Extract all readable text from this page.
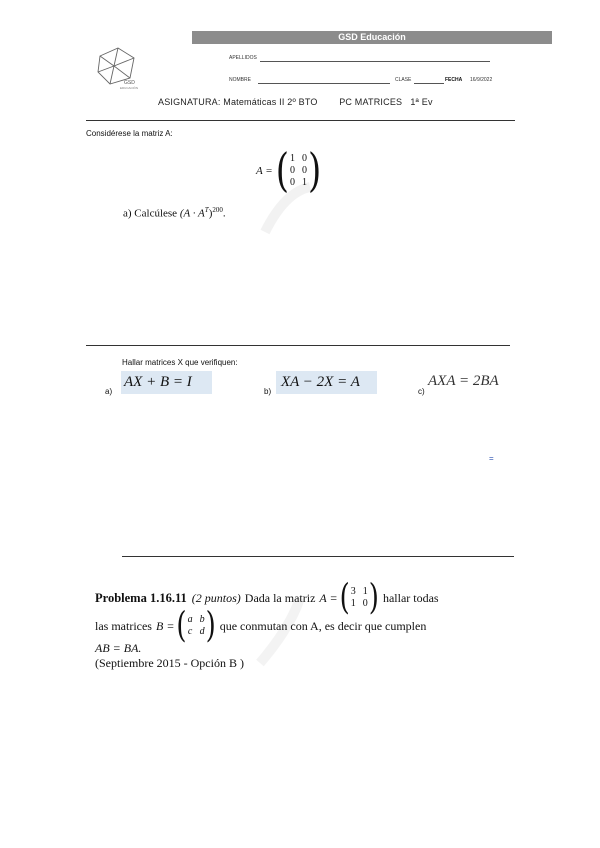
GSD Educación
GSD
EDUCACIÓN
APELLIDOS
NOMBRE	CLASE	FECHA 16/9/2022
ASIGNATURA: Matemáticas II 2º BTO        PC MATRICES   1ª Ev
Considérese la matriz A:
A = ( 1 0
0 0
0 1 )
a) Calcúlese $(A \cdot A^T)^{200}$.
Hallar matrices X que verifiquen:
a)
AX + B = I
b)
XA − 2X = A
c)
AXA = 2BA
=
Problema 1.16.11 (2 puntos) Dada la matriz A = ( 3 1
1 0 ) hallar todas
las matrices B = ( a b
c d ) que conmutan con A, es decir que cumplen
AB = BA.
(Septiembre 2015 - Opción B )
